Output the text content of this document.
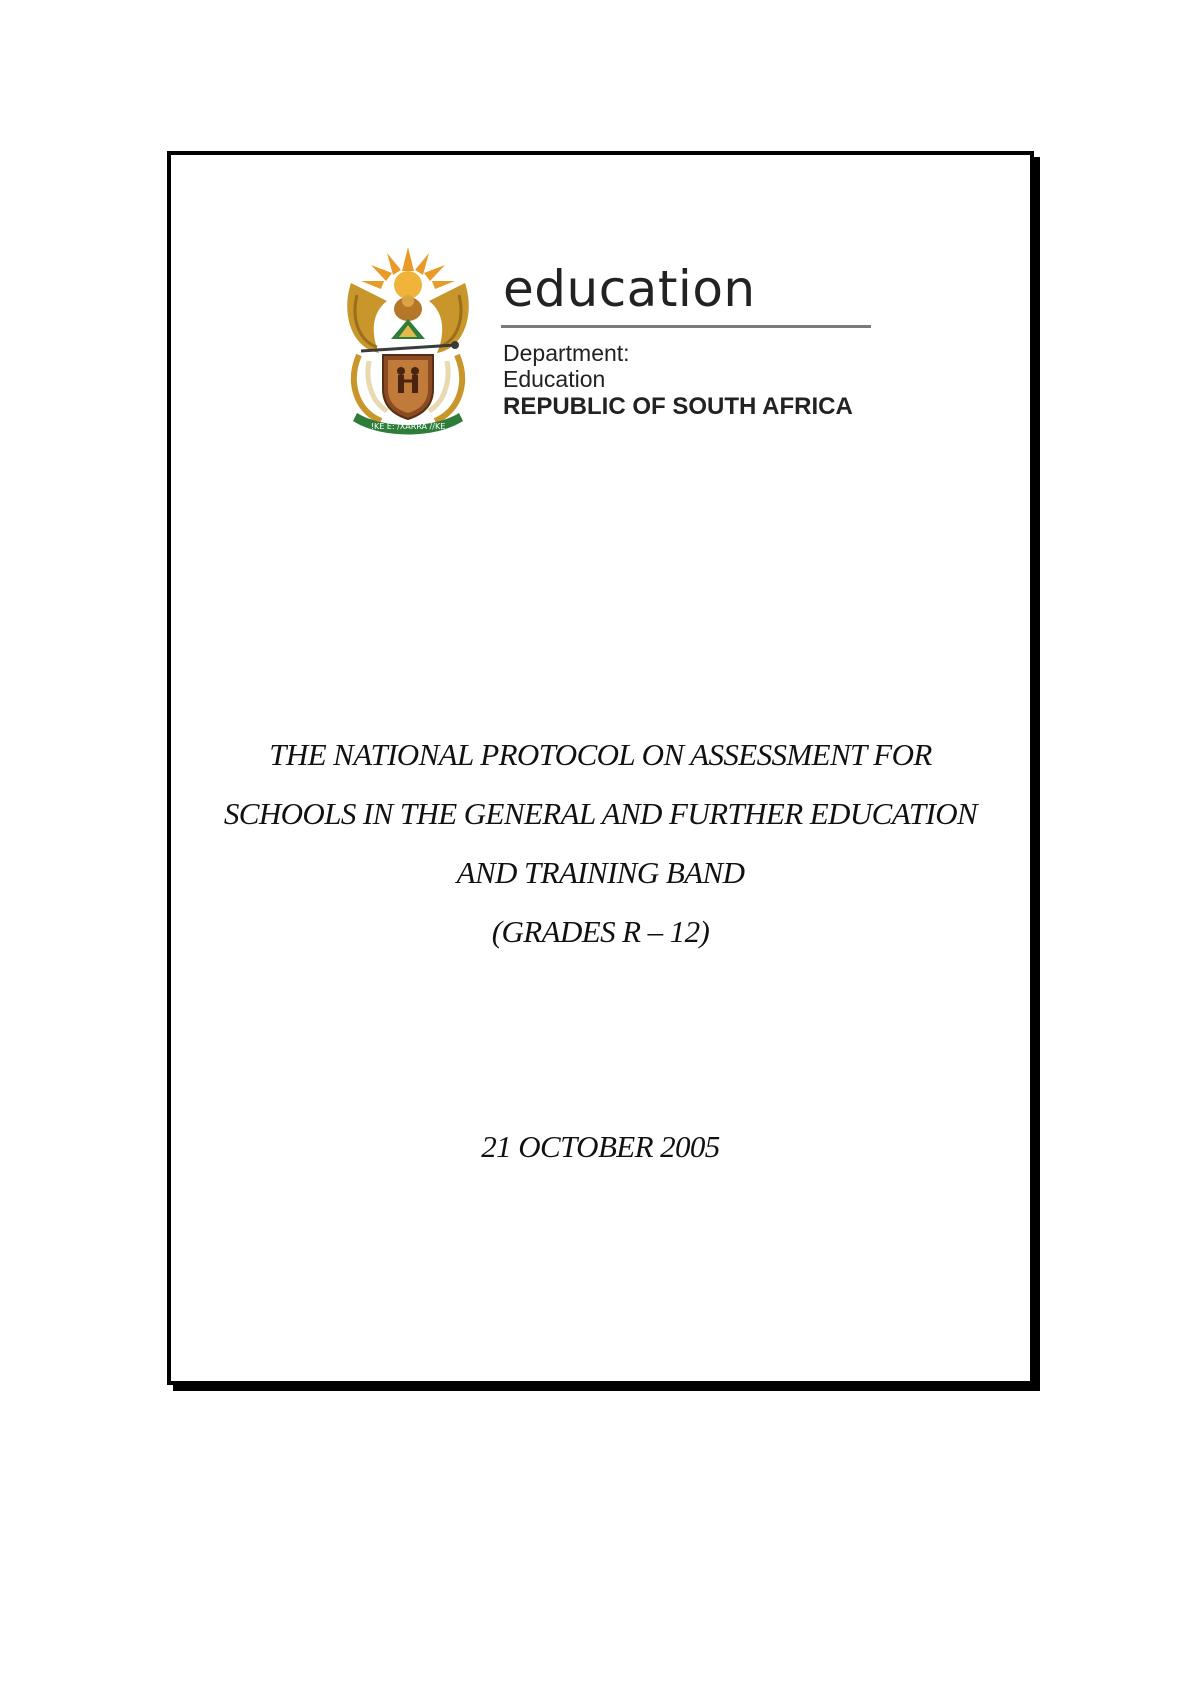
!KE E: /XARRA //KE
education
Department:
Education
REPUBLIC OF SOUTH AFRICA
THE NATIONAL PROTOCOL ON ASSESSMENT FOR
SCHOOLS IN THE GENERAL AND FURTHER EDUCATION
AND TRAINING BAND
(GRADES R – 12)
21 OCTOBER 2005
